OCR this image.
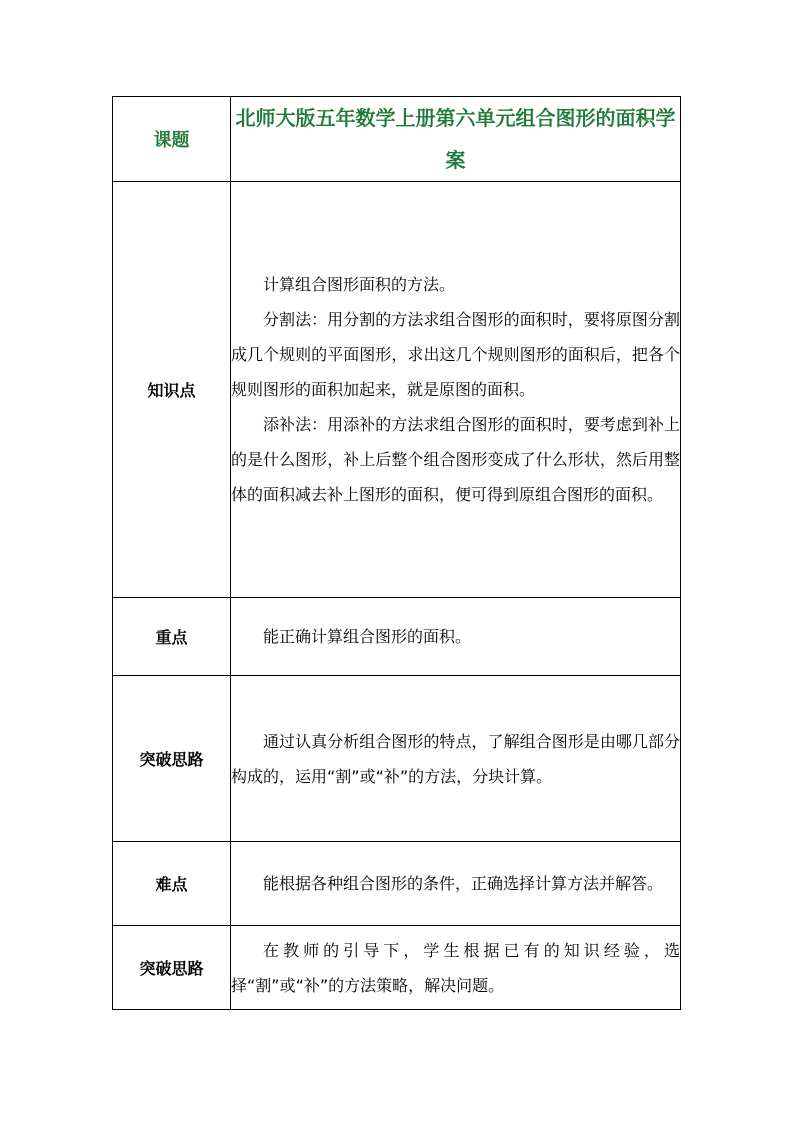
课题	北师大版五年数学上册第六单元组合图形的面积学案
知识点	计算组合图形面积的方法。

分割法：用分割的方法求组合图形的面积时，要将原图分割成几个规则的平面图形，求出这几个规则图形的面积后，把各个规则图形的面积加起来，就是原图的面积。

添补法：用添补的方法求组合图形的面积时，要考虑到补上的是什么图形，补上后整个组合图形变成了什么形状，然后用整体的面积减去补上图形的面积，便可得到原组合图形的面积。

重点	能正确计算组合图形的面积。

突破思路	通过认真分析组合图形的特点，了解组合图形是由哪几部分构成的，运用“割”或“补”的方法，分块计算。

难点	能根据各种组合图形的条件，正确选择计算方法并解答。

突破思路	在教师的引导下，学生根据已有的知识经验，选择“割”或“补”的方法策略，解决问题。
